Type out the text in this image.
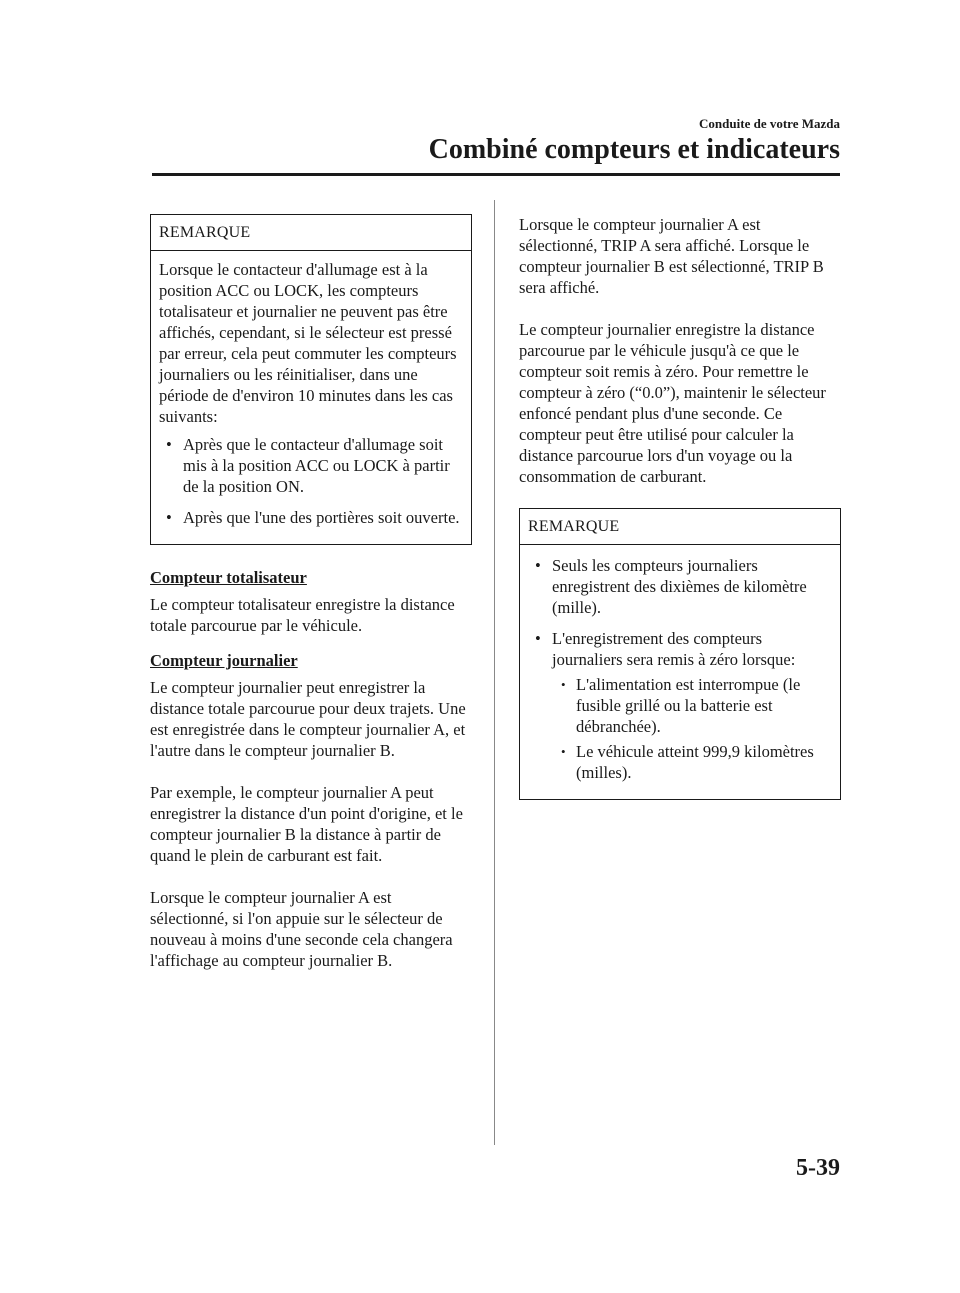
Conduite de votre Mazda
Combiné compteurs et indicateurs
REMARQUE

Lorsque le contacteur d'allumage est à la position ACC ou LOCK, les compteurs totalisateur et journalier ne peuvent pas être affichés, cependant, si le sélecteur est pressé par erreur, cela peut commuter les compteurs journaliers ou les réinitialiser, dans une période de d'environ 10 minutes dans les cas suivants:

• Après que le contacteur d'allumage soit mis à la position ACC ou LOCK à partir de la position ON.
• Après que l'une des portières soit ouverte.
Compteur totalisateur

Le compteur totalisateur enregistre la distance totale parcourue par le véhicule.

Compteur journalier

Le compteur journalier peut enregistrer la distance totale parcourue pour deux trajets. Une est enregistrée dans le compteur journalier A, et l'autre dans le compteur journalier B.

Par exemple, le compteur journalier A peut enregistrer la distance d'un point d'origine, et le compteur journalier B la distance à partir de quand le plein de carburant est fait.

Lorsque le compteur journalier A est sélectionné, si l'on appuie sur le sélecteur de nouveau à moins d'une seconde cela changera l'affichage au compteur journalier B.

Lorsque le compteur journalier A est sélectionné, TRIP A sera affiché. Lorsque le compteur journalier B est sélectionné, TRIP B sera affiché.

Le compteur journalier enregistre la distance parcourue par le véhicule jusqu'à ce que le compteur soit remis à zéro. Pour remettre le compteur à zéro (“0.0”), maintenir le sélecteur enfoncé pendant plus d'une seconde. Ce compteur peut être utilisé pour calculer la distance parcourue lors d'un voyage ou la consommation de carburant.

REMARQUE
• Seuls les compteurs journaliers enregistrent des dixièmes de kilomètre (mille).
• L'enregistrement des compteurs journaliers sera remis à zéro lorsque:
• L'alimentation est interrompue (le fusible grillé ou la batterie est débranchée).
• Le véhicule atteint 999,9 kilomètres (milles).
5-39
